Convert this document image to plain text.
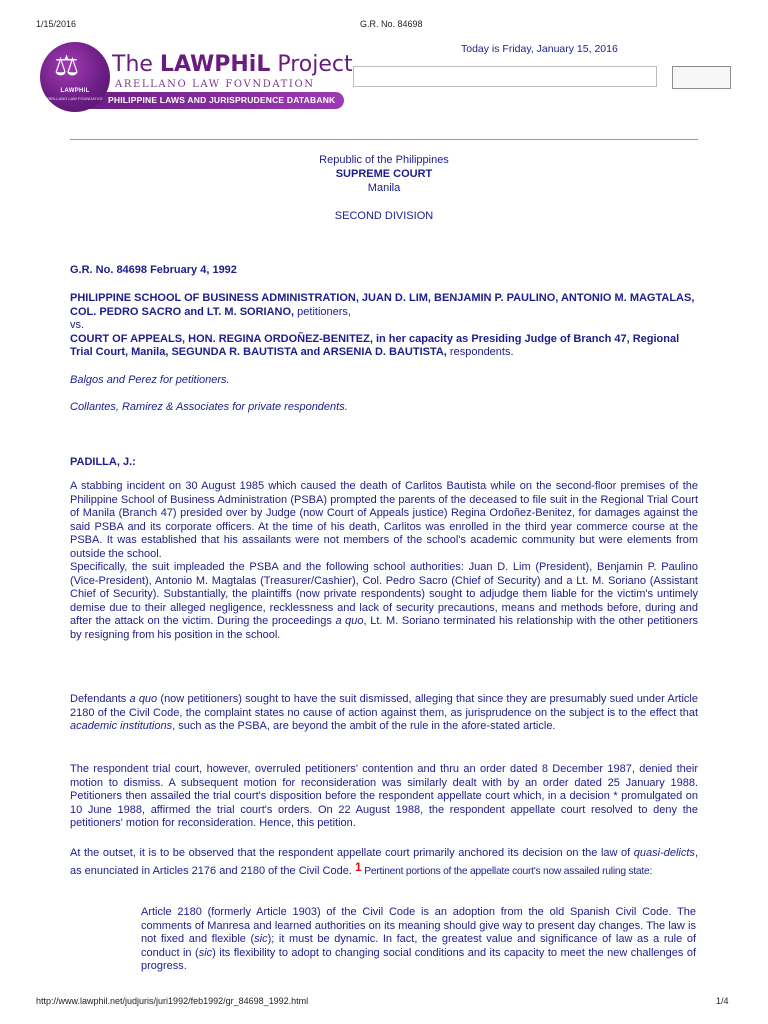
1/15/2016	G.R. No. 84698
PHILIPPINE LAWS AND JURISPRUDENCE DATABANK
⚖
LAWPHiL
ARELLANO LAW FOUNDATION
The LAWPHiL Project
ARELLANO LAW FOVNDATION
Today is Friday, January 15, 2016
Republic of the Philippines
SUPREME COURT
Manila
SECOND DIVISION
G.R. No. 84698 February 4, 1992
PHILIPPINE SCHOOL OF BUSINESS ADMINISTRATION, JUAN D. LIM, BENJAMIN P. PAULINO, ANTONIO M. MAGTALAS, COL. PEDRO SACRO and LT. M. SORIANO, petitioners,
vs.
COURT OF APPEALS, HON. REGINA ORDOÑEZ-BENITEZ, in her capacity as Presiding Judge of Branch 47, Regional Trial Court, Manila, SEGUNDA R. BAUTISTA and ARSENIA D. BAUTISTA, respondents.
Balgos and Perez for petitioners.
Collantes, Ramirez & Associates for private respondents.
PADILLA, J.:
A stabbing incident on 30 August 1985 which caused the death of Carlitos Bautista while on the second-floor premises of the Philippine School of Business Administration (PSBA) prompted the parents of the deceased to file suit in the Regional Trial Court of Manila (Branch 47) presided over by Judge (now Court of Appeals justice) Regina Ordoñez-Benitez, for damages against the said PSBA and its corporate officers. At the time of his death, Carlitos was enrolled in the third year commerce course at the PSBA. It was established that his assailants were not members of the school's academic community but were elements from outside the school.
Specifically, the suit impleaded the PSBA and the following school authorities: Juan D. Lim (President), Benjamin P. Paulino (Vice-President), Antonio M. Magtalas (Treasurer/Cashier), Col. Pedro Sacro (Chief of Security) and a Lt. M. Soriano (Assistant Chief of Security). Substantially, the plaintiffs (now private respondents) sought to adjudge them liable for the victim's untimely demise due to their alleged negligence, recklessness and lack of security precautions, means and methods before, during and after the attack on the victim. During the proceedings a quo, Lt. M. Soriano terminated his relationship with the other petitioners by resigning from his position in the school.
Defendants a quo (now petitioners) sought to have the suit dismissed, alleging that since they are presumably sued under Article 2180 of the Civil Code, the complaint states no cause of action against them, as jurisprudence on the subject is to the effect that academic institutions, such as the PSBA, are beyond the ambit of the rule in the afore-stated article.
The respondent trial court, however, overruled petitioners' contention and thru an order dated 8 December 1987, denied their motion to dismiss. A subsequent motion for reconsideration was similarly dealt with by an order dated 25 January 1988. Petitioners then assailed the trial court's disposition before the respondent appellate court which, in a decision * promulgated on 10 June 1988, affirmed the trial court's orders. On 22 August 1988, the respondent appellate court resolved to deny the petitioners' motion for reconsideration. Hence, this petition.
At the outset, it is to be observed that the respondent appellate court primarily anchored its decision on the law of quasi-delicts, as enunciated in Articles 2176 and 2180 of the Civil Code. 1 Pertinent portions of the appellate court's now assailed ruling state:
Article 2180 (formerly Article 1903) of the Civil Code is an adoption from the old Spanish Civil Code. The comments of Manresa and learned authorities on its meaning should give way to present day changes. The law is not fixed and flexible (sic); it must be dynamic. In fact, the greatest value and significance of law as a rule of conduct in (sic) its flexibility to adopt to changing social conditions and its capacity to meet the new challenges of progress.
http://www.lawphil.net/judjuris/juri1992/feb1992/gr_84698_1992.html	1/4
